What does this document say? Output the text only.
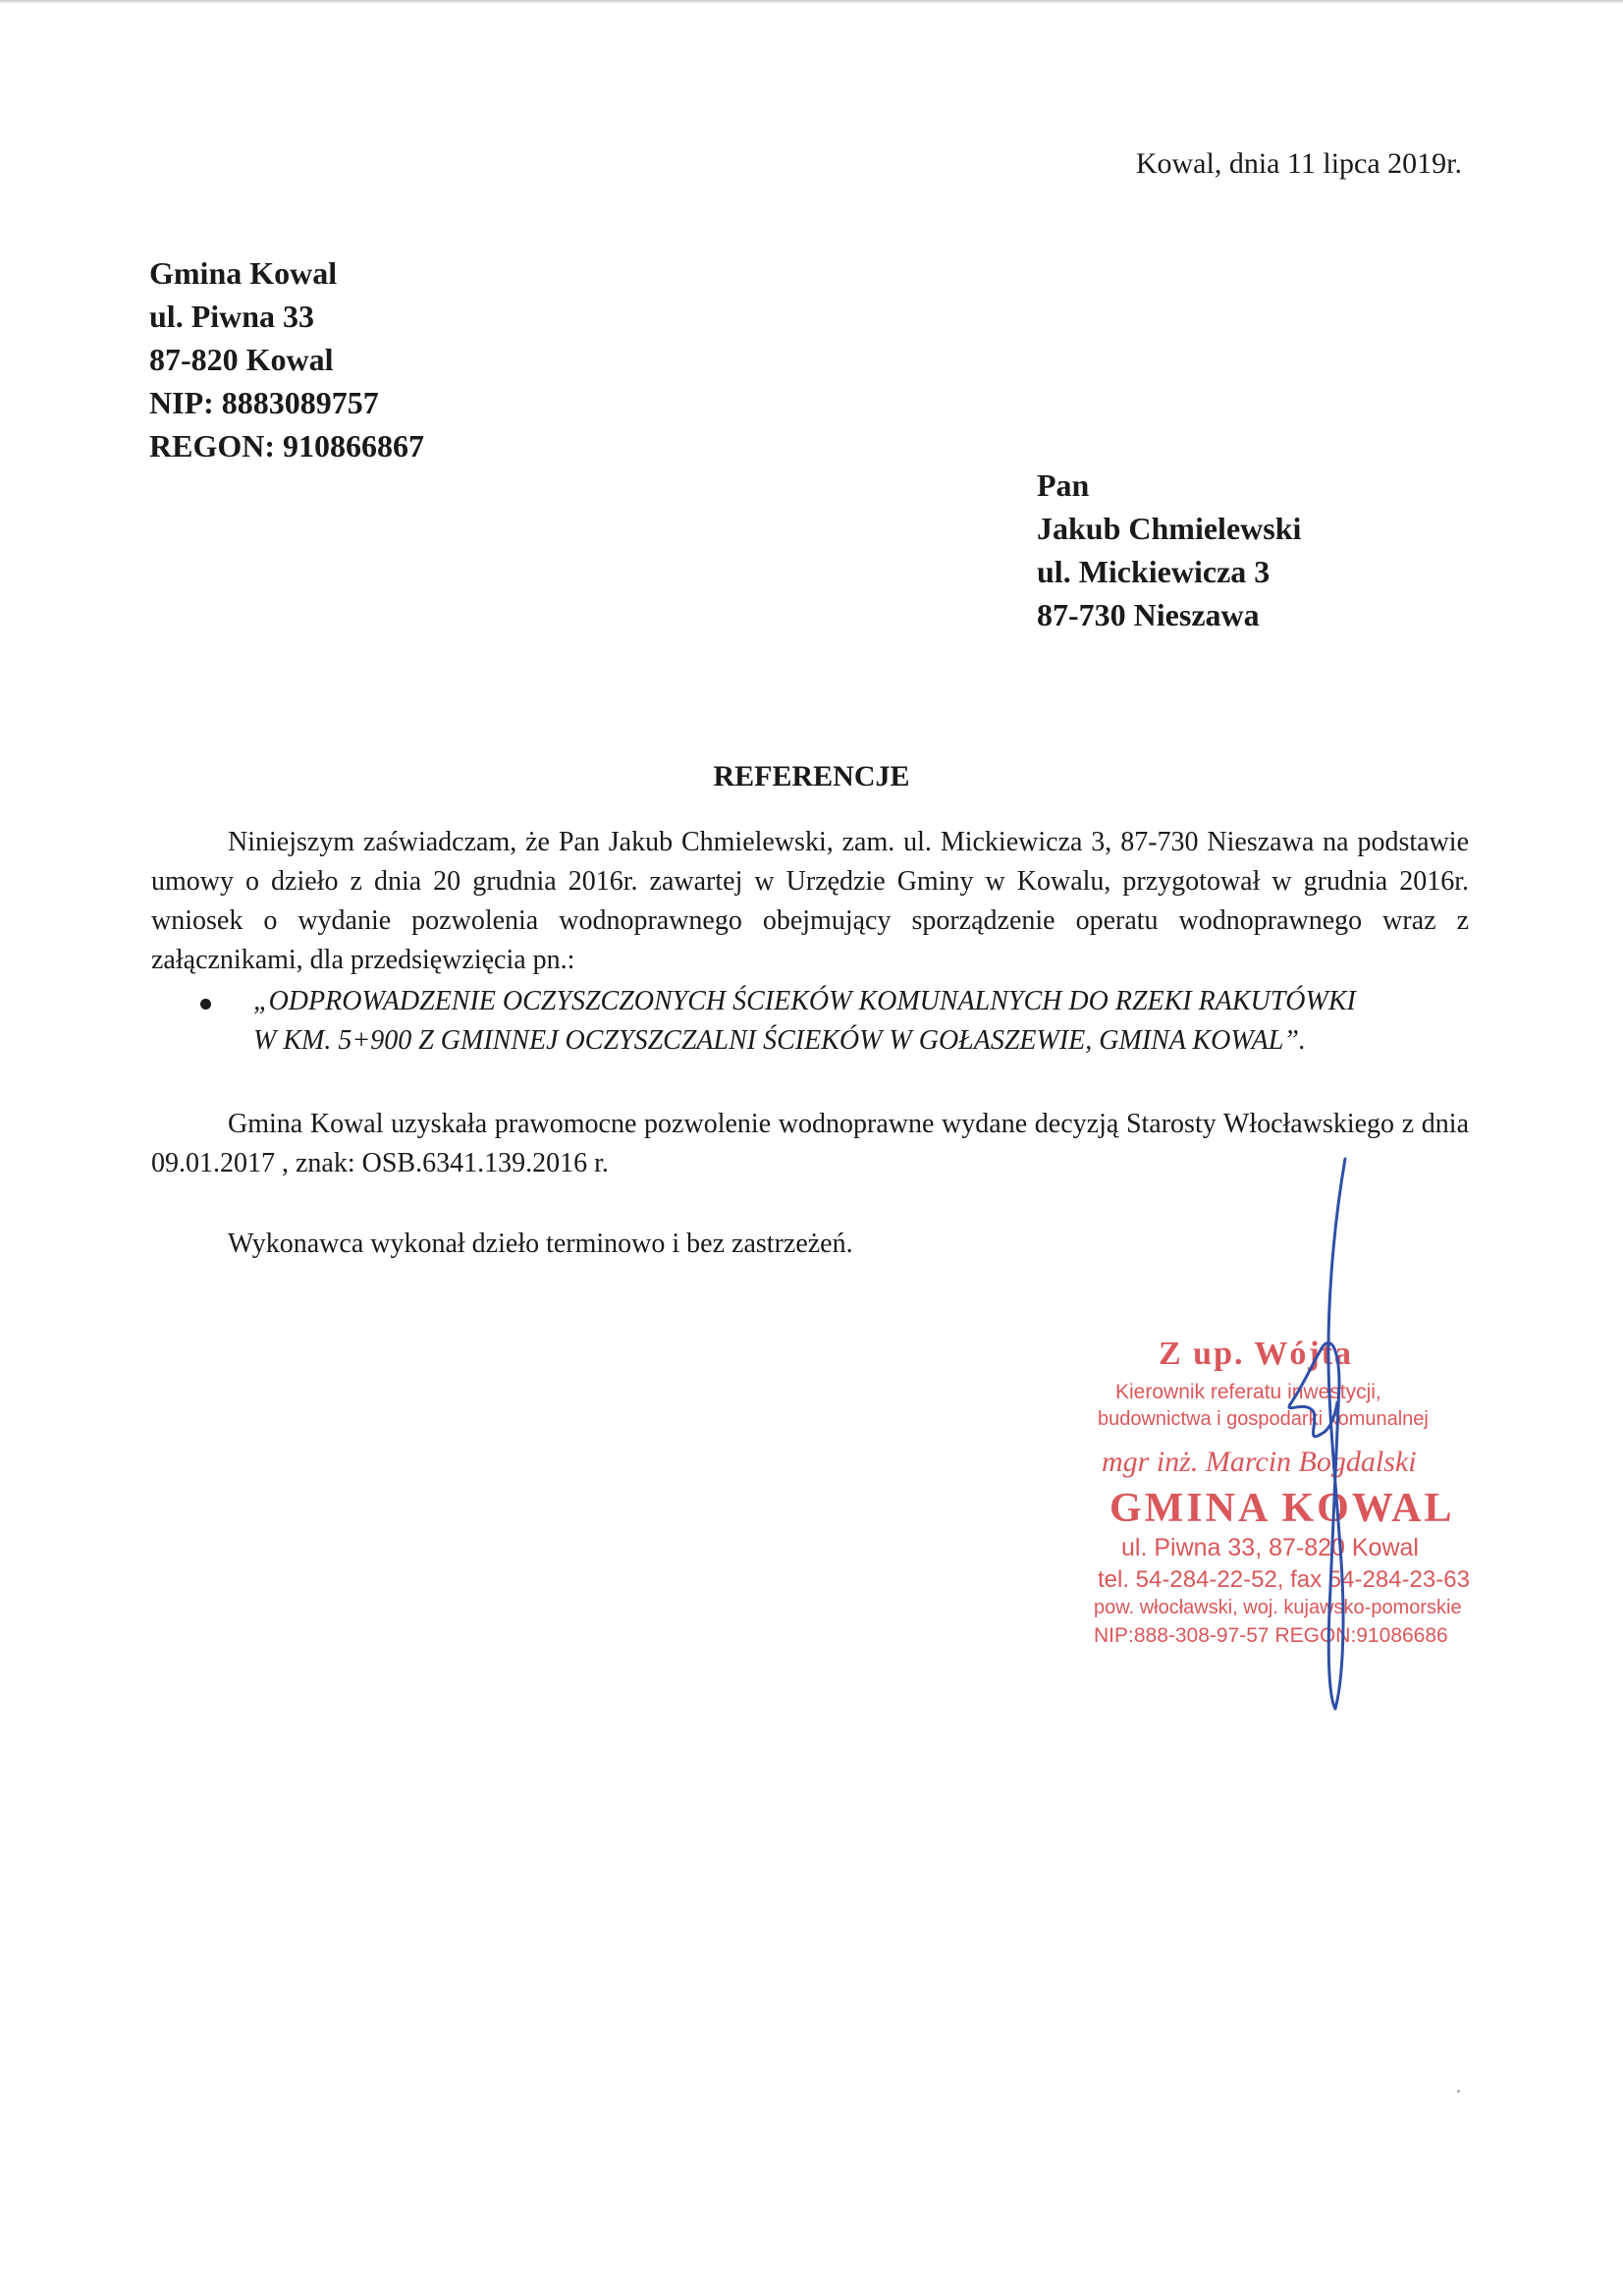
Kowal, dnia 11 lipca 2019r.
Gmina Kowal
ul. Piwna 33
87-820 Kowal
NIP: 8883089757
REGON: 910866867
Pan
Jakub Chmielewski
ul. Mickiewicza 3
87-730 Nieszawa
REFERENCJE
Niniejszym zaświadczam, że Pan Jakub Chmielewski, zam. ul. Mickiewicza 3, 87-730 Nieszawa na podstawie umowy o dzieło z dnia 20 grudnia 2016r. zawartej w Urzędzie Gminy w Kowalu, przygotował w grudnia 2016r. wniosek o wydanie pozwolenia wodnoprawnego obejmujący sporządzenie operatu wodnoprawnego wraz z załącznikami, dla przedsięwzięcia pn.:
„ODPROWADZENIE OCZYSZCZONYCH ŚCIEKÓW KOMUNALNYCH DO RZEKI RAKUTÓWKI
W KM. 5+900 Z GMINNEJ OCZYSZCZALNI ŚCIEKÓW W GOŁASZEWIE, GMINA KOWAL”.
Gmina Kowal uzyskała prawomocne pozwolenie wodnoprawne wydane decyzją Starosty Włocławskiego z dnia 09.01.2017 , znak: OSB.6341.139.2016 r.
Wykonawca wykonał dzieło terminowo i bez zastrzeżeń.
Z up. Wójta
Kierownik referatu inwestycji,
budownictwa i gospodarki komunalnej
mgr inż. Marcin Bogdalski
GMINA KOWAL
ul. Piwna 33, 87-820 Kowal
tel. 54-284-22-52, fax 54-284-23-63
pow. włocławski, woj. kujawsko-pomorskie
NIP:888-308-97-57 REGON:91086686
